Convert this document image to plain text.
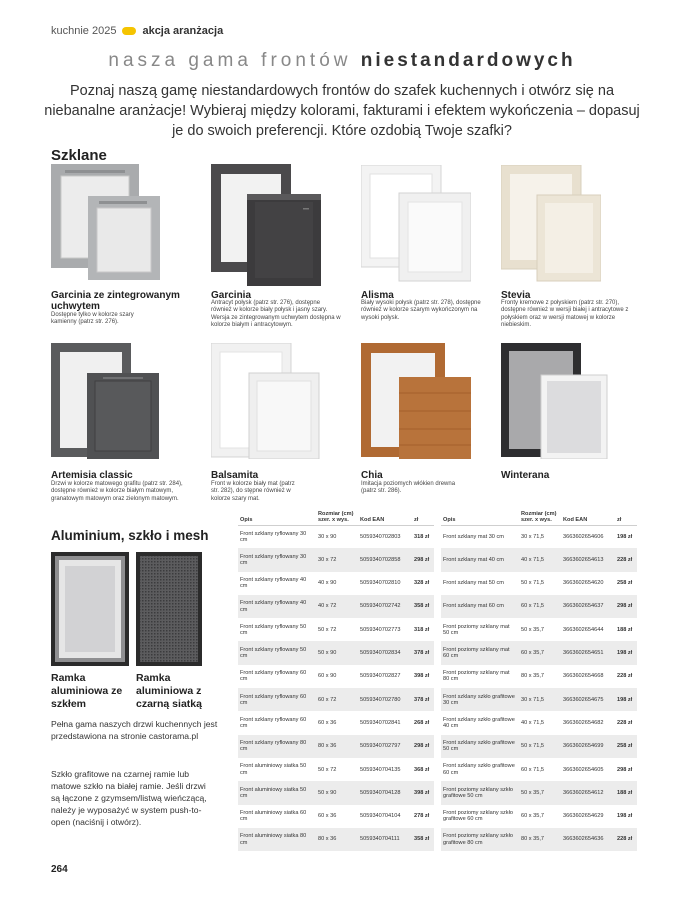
kuchnie 2025 akcja aranżacja
nasza gama frontów niestandardowych
Poznaj naszą gamę niestandardowych frontów do szafek kuchennych i otwórz się na niebanalne aranżacje! Wybieraj między kolorami, fakturami i efektem wykończenia – dopasuj je do swoich preferencji. Które ozdobią Twoje szafki?
Szklane
Garcinia ze zintegrowanym uchwytem
Dostępne tylko w kolorze szary kamienny (patrz str. 276).
Garcinia
Antracyt połysk (patrz str. 276), dostępne również w kolorze biały połysk i jasny szary. Wersja ze zintegrowanym uchwytem dostępna w kolorze białym i antracytowym.
Alisma
Biały wysoki połysk (patrz str. 278), dostępne również w kolorze szarym wykończonym na wysoki połysk.
Stevia
Fronty kremowe z połyskiem (patrz str. 270), dostępne również w wersji białej i antracytowe z połyskiem oraz w wersji matowej w kolorze niebieskim.
Artemisia classic
Drzwi w kolorze matowego grafitu (patrz str. 284), dostępne również w kolorze białym matowym, granatowym matowym oraz zielonym matowym.
Balsamita
Front w kolorze biały mat (patrz str. 282), do stępne również w kolorze szary mat.
Chia
Imitacja poziomych włókien drewna (patrz str. 286).
Winterana
Aluminium, szkło i mesh
Ramka aluminiowa ze szkłem
Ramka aluminiowa z czarną siatką
Pełna gama naszych drzwi kuchennych jest przedstawiona na stronie castorama.pl
Szkło grafitowe na czarnej ramie lub matowe szkło na białej ramie. Jeśli drzwi są łączone z gzymsem/listwą wieńczącą, należy je wyposażyć w system push-to-open (naciśnij i otwórz).
Opis	Rozmiar (cm) szer. x wys.	Kod EAN	zł
Front szklany ryflowany 30 cm	30 x 90	5059340702803	318 zł
Front szklany ryflowany 30 cm	30 x 72	5059340702858	298 zł
Front szklany ryflowany 40 cm	40 x 90	5059340702810	328 zł
Front szklany ryflowany 40 cm	40 x 72	5059340702742	358 zł
Front szklany ryflowany 50 cm	50 x 72	5059340702773	318 zł
Front szklany ryflowany 50 cm	50 x 90	5059340702834	378 zł
Front szklany ryflowany 60 cm	60 x 90	5059340702827	398 zł
Front szklany ryflowany 60 cm	60 x 72	5059340702780	378 zł
Front szklany ryflowany 60 cm	60 x 36	5059340702841	268 zł
Front szklany ryflowany 80 cm	80 x 36	5059340702797	298 zł
Front aluminiowy siatka 50 cm	50 x 72	5059340704135	368 zł
Front aluminiowy siatka 50 cm	50 x 90	5059340704128	398 zł
Front aluminiowy siatka 60 cm	60 x 36	5059340704104	278 zł
Front aluminiowy siatka 80 cm	80 x 36	5059340704111	358 zł
Opis	Rozmiar (cm) szer. x wys.	Kod EAN	zł
Front szklany mat 30 cm	30 x 71,5	3663602654606	198 zł
Front szklany mat 40 cm	40 x 71,5	3663602654613	228 zł
Front szklany mat 50 cm	50 x 71,5	3663602654620	258 zł
Front szklany mat 60 cm	60 x 71,5	3663602654637	298 zł
Front poziomy szklany mat 50 cm	50 x 35,7	3663602654644	188 zł
Front poziomy szklany mat 60 cm	60 x 35,7	3663602654651	198 zł
Front poziomy szklany mat 80 cm	80 x 35,7	3663602654668	228 zł
Front szklany szkło grafitowe 30 cm	30 x 71,5	3663602654675	198 zł
Front szklany szkło grafitowe 40 cm	40 x 71,5	3663602654682	228 zł
Front szklany szkło grafitowe 50 cm	50 x 71,5	3663602654699	258 zł
Front szklany szkło grafitowe 60 cm	60 x 71,5	3663602654605	298 zł
Front poziomy szklany szkło grafitowe 50 cm	50 x 35,7	3663602654612	188 zł
Front poziomy szklany szkło grafitowe 60 cm	60 x 35,7	3663602654629	198 zł
Front poziomy szklany szkło grafitowe 80 cm	80 x 35,7	3663602654636	228 zł
264
